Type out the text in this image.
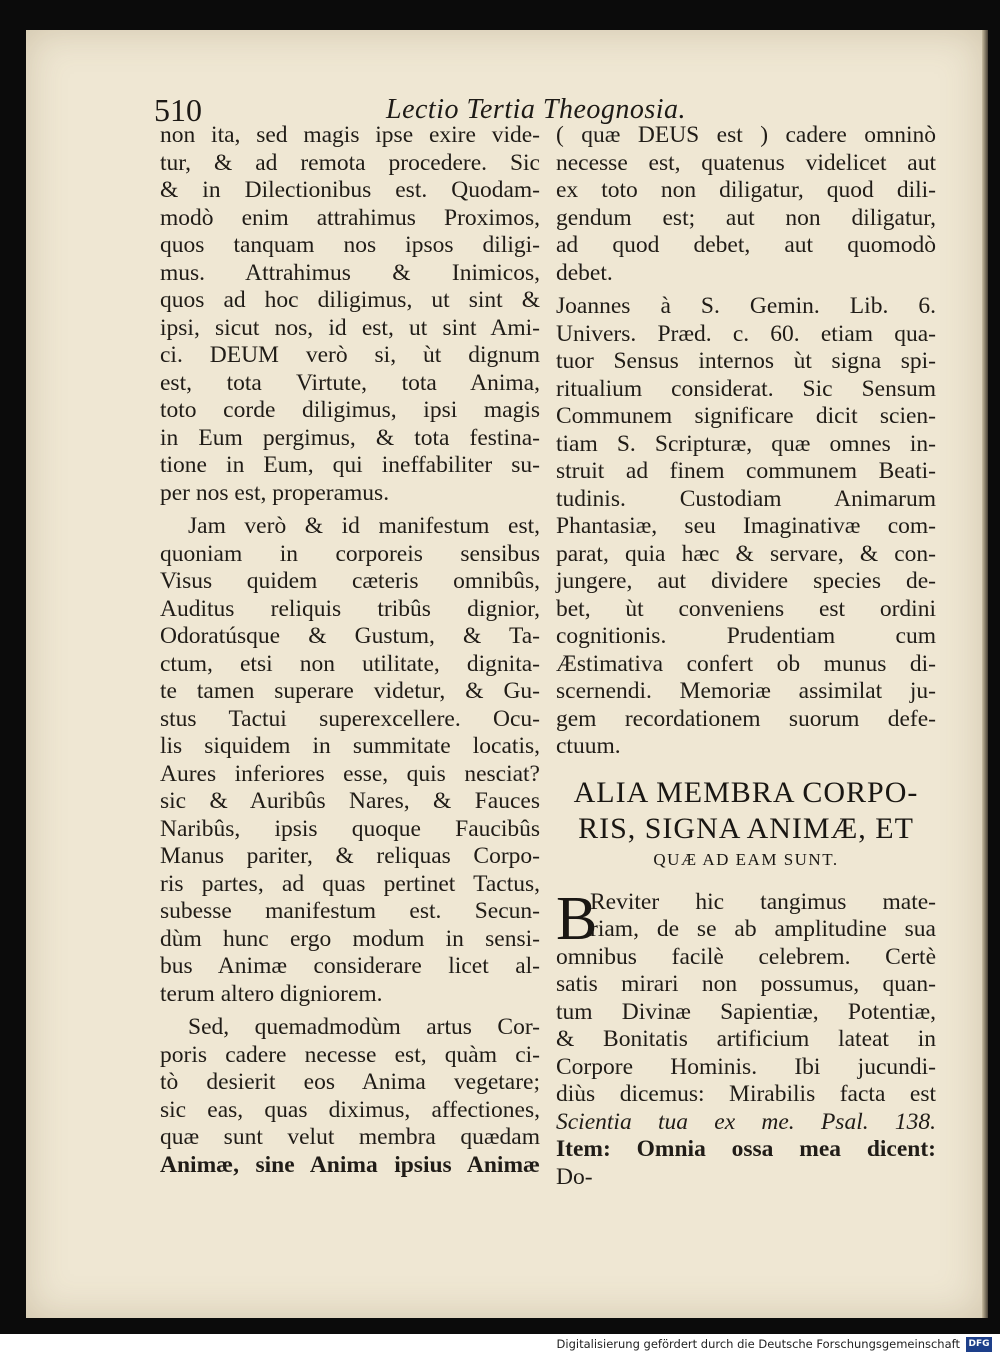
510	Lectio Tertia Theognosia.
non ita, sed magis ipse exire vide-
tur, & ad remota procedere. Sic
& in Dilectionibus est. Quodam-
modò enim attrahimus Proximos,
quos tanquam nos ipsos diligi-
mus. Attrahimus & Inimicos,
quos ad hoc diligimus, ut sint &
ipsi, sicut nos, id est, ut sint Ami-
ci. DEUM verò si, ùt dignum
est, tota Virtute, tota Anima,
toto corde diligimus, ipsi magis
in Eum pergimus, & tota festina-
tione in Eum, qui ineffabiliter su-
per nos est, properamus.
Jam verò & id manifestum est,
quoniam in corporeis sensibus
Visus quidem cæteris omnibûs,
Auditus reliquis tribûs dignior,
Odoratúsque & Gustum, & Ta-
ctum, etsi non utilitate, dignita-
te tamen superare videtur, & Gu-
stus Tactui superexcellere. Ocu-
lis siquidem in summitate locatis,
Aures inferiores esse, quis nesciat?
sic & Auribûs Nares, & Fauces
Naribûs, ipsis quoque Faucibûs
Manus pariter, & reliquas Corpo-
ris partes, ad quas pertinet Tactus,
subesse manifestum est. Secun-
dùm hunc ergo modum in sensi-
bus Animæ considerare licet al-
terum altero digniorem.
Sed, quemadmodùm artus Cor-
poris cadere necesse est, quàm ci-
tò desierit eos Anima vegetare;
sic eas, quas diximus, affectiones,
quæ sunt velut membra quædam
Animæ, sine Anima ipsius Animæ
( quæ DEUS est ) cadere omninò
necesse est, quatenus videlicet aut
ex toto non diligatur, quod dili-
gendum est; aut non diligatur,
ad quod debet, aut quomodò
debet.
Joannes à S. Gemin. Lib. 6.
Univers. Præd. c. 60. etiam qua-
tuor Sensus internos ùt signa spi-
ritualium considerat. Sic Sensum
Communem significare dicit scien-
tiam S. Scripturæ, quæ omnes in-
struit ad finem communem Beati-
tudinis. Custodiam Animarum
Phantasiæ, seu Imaginativæ com-
parat, quia hæc & servare, & con-
jungere, aut dividere species de-
bet, ùt conveniens est ordini
cognitionis. Prudentiam cum
Æstimativa confert ob munus di-
scernendi. Memoriæ assimilat ju-
gem recordationem suorum defe-
ctuum.
ALIA MEMBRA CORPO-
RIS, SIGNA ANIMÆ, ET
QUÆ AD EAM SUNT.
B
Reviter hic tangimus mate-
riam, de se ab amplitudine sua
omnibus facilè celebrem. Certè
satis mirari non possumus, quan-
tum Divinæ Sapientiæ, Potentiæ,
& Bonitatis artificium lateat in
Corpore Hominis. Ibi jucundi-
diùs dicemus: Mirabilis facta est
Scientia tua ex me. Psal. 138.
Item: Omnia ossa mea dicent:
Do-
Digitalisierung gefördert durch die Deutsche Forschungsgemeinschaft DFG
